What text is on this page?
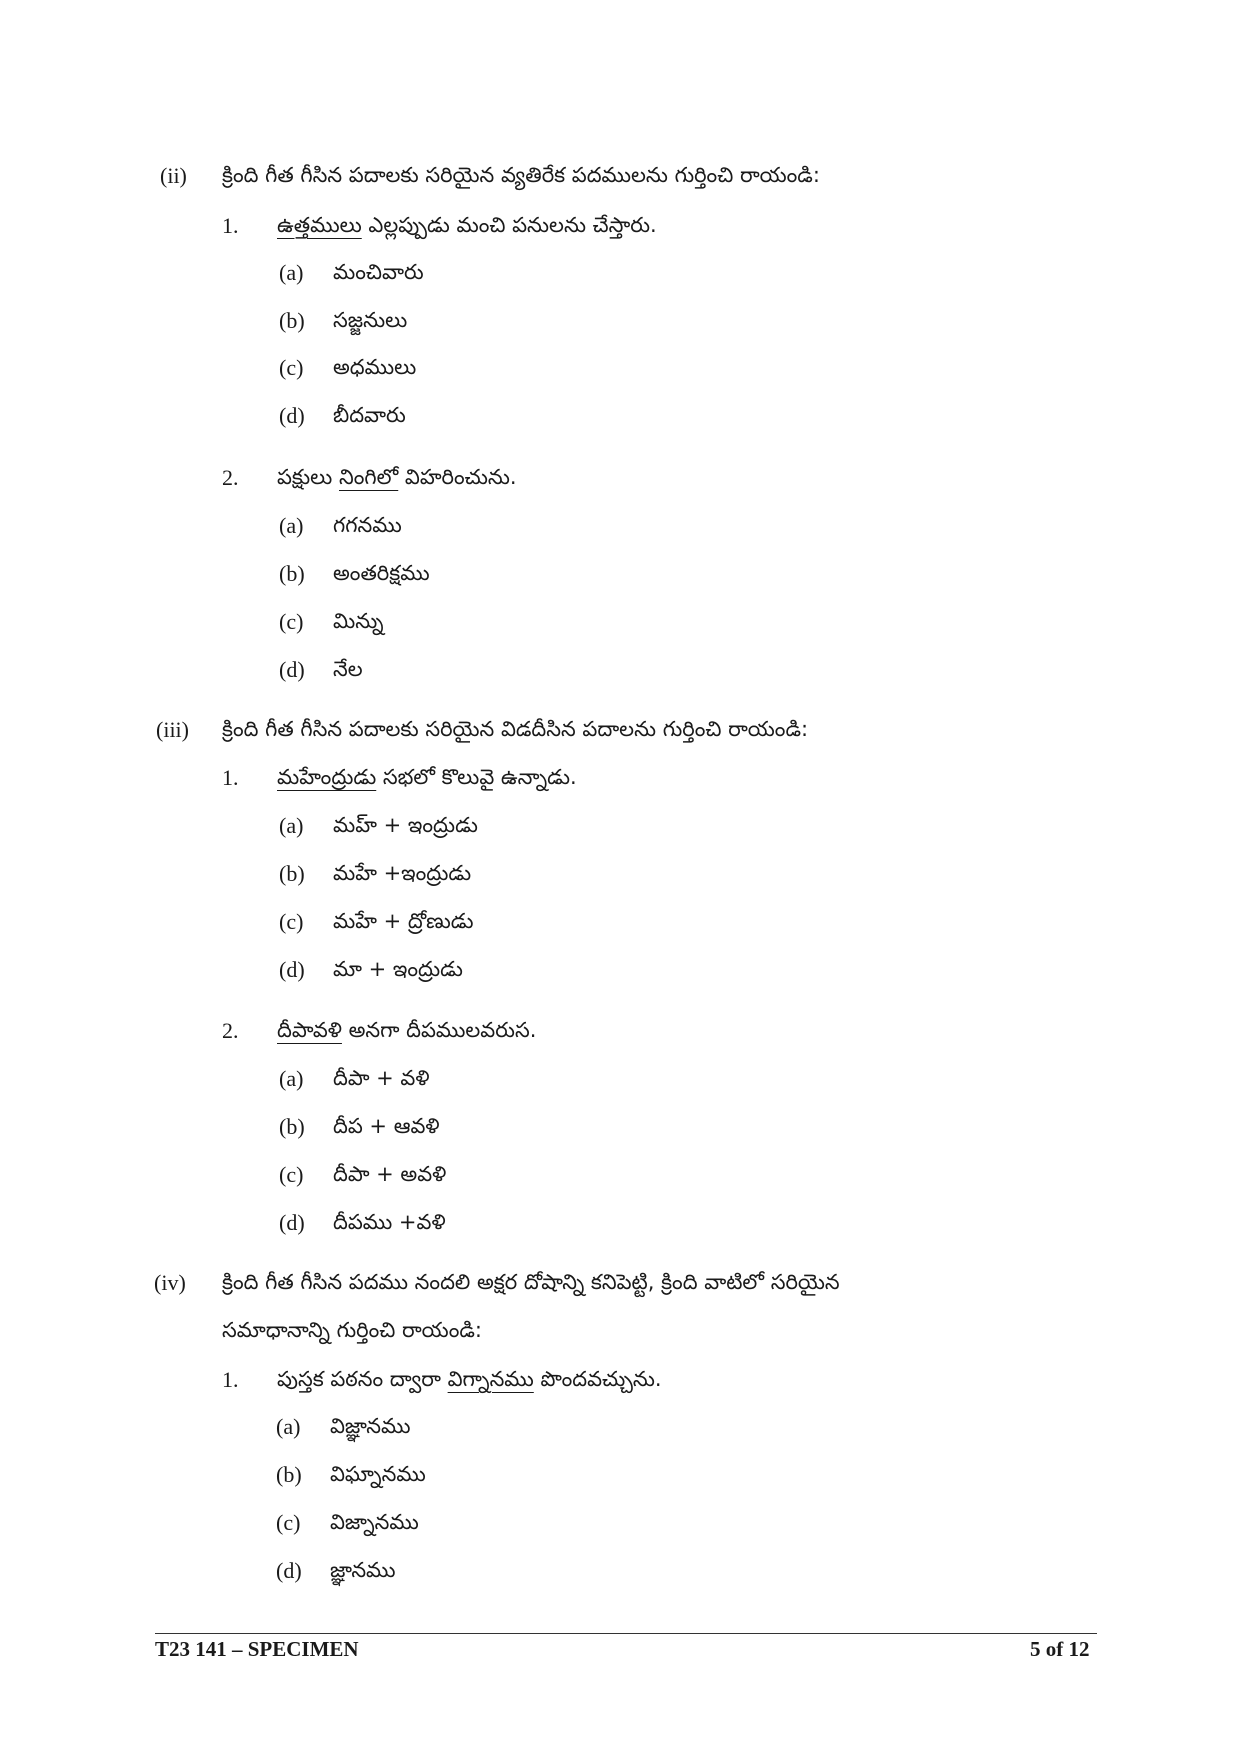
(ii) క్రింది గీత గీసిన పదాలకు సరియైన వ్యతిరేక పదములను గుర్తించి రాయండి:
1. ఉత్తములు ఎల్లప్పుడు మంచి పనులను చేస్తారు.
(a) మంచివారు
(b) సజ్జనులు
(c) అధములు
(d) బీదవారు
2. పక్షులు నింగిలో విహరించును.
(a) గగనము
(b) అంతరిక్షము
(c) మిన్ను
(d) నేల
(iii) క్రింది గీత గీసిన పదాలకు సరియైన విడదీసిన పదాలను గుర్తించి రాయండి:
1. మహేంద్రుడు సభలో కొలువై ఉన్నాడు.
(a) మహ్ + ఇంద్రుడు
(b) మహే +ఇంద్రుడు
(c) మహే + ద్రోణుడు
(d) మా + ఇంద్రుడు
2. దీపావళి అనగా దీపములవరుస.
(a) దీపా + వళి
(b) దీప + ఆవళి
(c) దీపా + అవళి
(d) దీపము +వళి
(iv) క్రింది గీత గీసిన పదము నందలి అక్షర దోషాన్ని కనిపెట్టి, క్రింది వాటిలో సరియైన
సమాధానాన్ని గుర్తించి రాయండి:
1. పుస్తక పఠనం ద్వారా విగ్నానము పొందవచ్చును.
(a) విజ్ఞానము
(b) విఘ్నానము
(c) విజ్నానము
(d) జ్ఞానము
T23 141 – SPECIMEN	5 of 12
